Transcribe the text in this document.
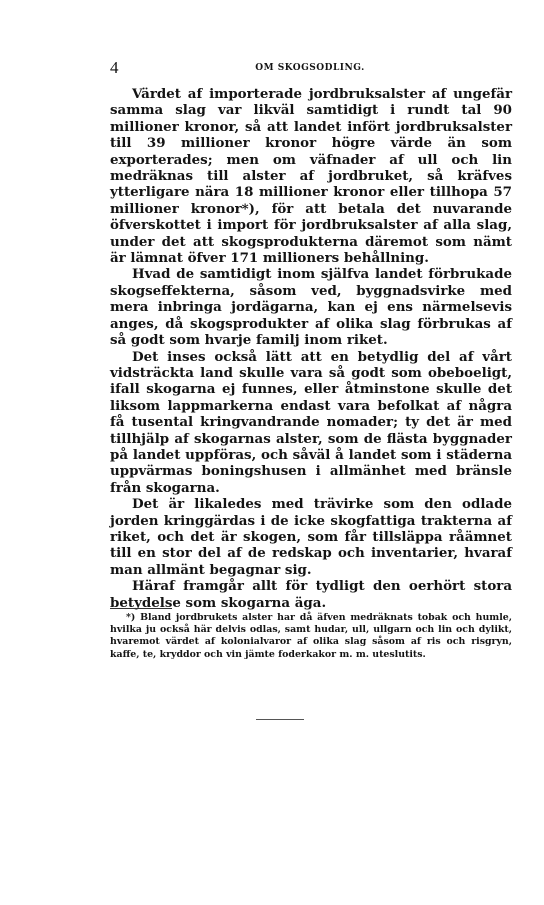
4	OM SKOGSODLING.

Värdet af importerade jordbruksalster af ungefär samma slag var likväl samtidigt i rundt tal 90 millioner kronor, så att landet infört jordbruksalster till 39 millioner kronor högre värde än som exporterades; men om väfnader af ull och lin medräknas till alster af jordbruket, så kräfves ytterligare nära 18 millioner kronor eller tillhopa 57 millioner kronor*), för att betala det nuvarande öfverskottet i import för jordbruksalster af alla slag, under det att skogsprodukterna däremot som nämt är lämnat öfver 171 millioners behållning.

Hvad de samtidigt inom själfva landet förbrukade skogseffekterna, såsom ved, byggnadsvirke med mera inbringa jordägarna, kan ej ens närmelsevis anges, då skogsprodukter af olika slag förbrukas af så godt som hvarje familj inom riket.

Det inses också lätt att en betydlig del af vårt vidsträckta land skulle vara så godt som obeboeligt, ifall skogarna ej funnes, eller åtminstone skulle det liksom lappmarkerna endast vara befolkat af några få tusental kringvandrande nomader; ty det är med tillhjälp af skogarnas alster, som de flästa byggnader på landet uppföras, och såväl å landet som i städerna uppvärmas boningshusen i allmänhet med bränsle från skogarna.

Det är likaledes med trävirke som den odlade jorden kringgärdas i de icke skogfattiga trakterna af riket, och det är skogen, som får tillsläppa råämnet till en stor del af de redskap och inventarier, hvaraf man allmänt begagnar sig.

Häraf framgår allt för tydligt den oerhört stora betydelse som skogarna äga.

*) Bland jordbrukets alster har då äfven medräknats tobak och humle, hvilka ju också här delvis odlas, samt hudar, ull, ullgarn och lin och dylikt, hvaremot värdet af kolonialvaror af olika slag såsom af ris och risgryn, kaffe, te, kryddor och vin jämte foderkakor m. m. uteslutits.
